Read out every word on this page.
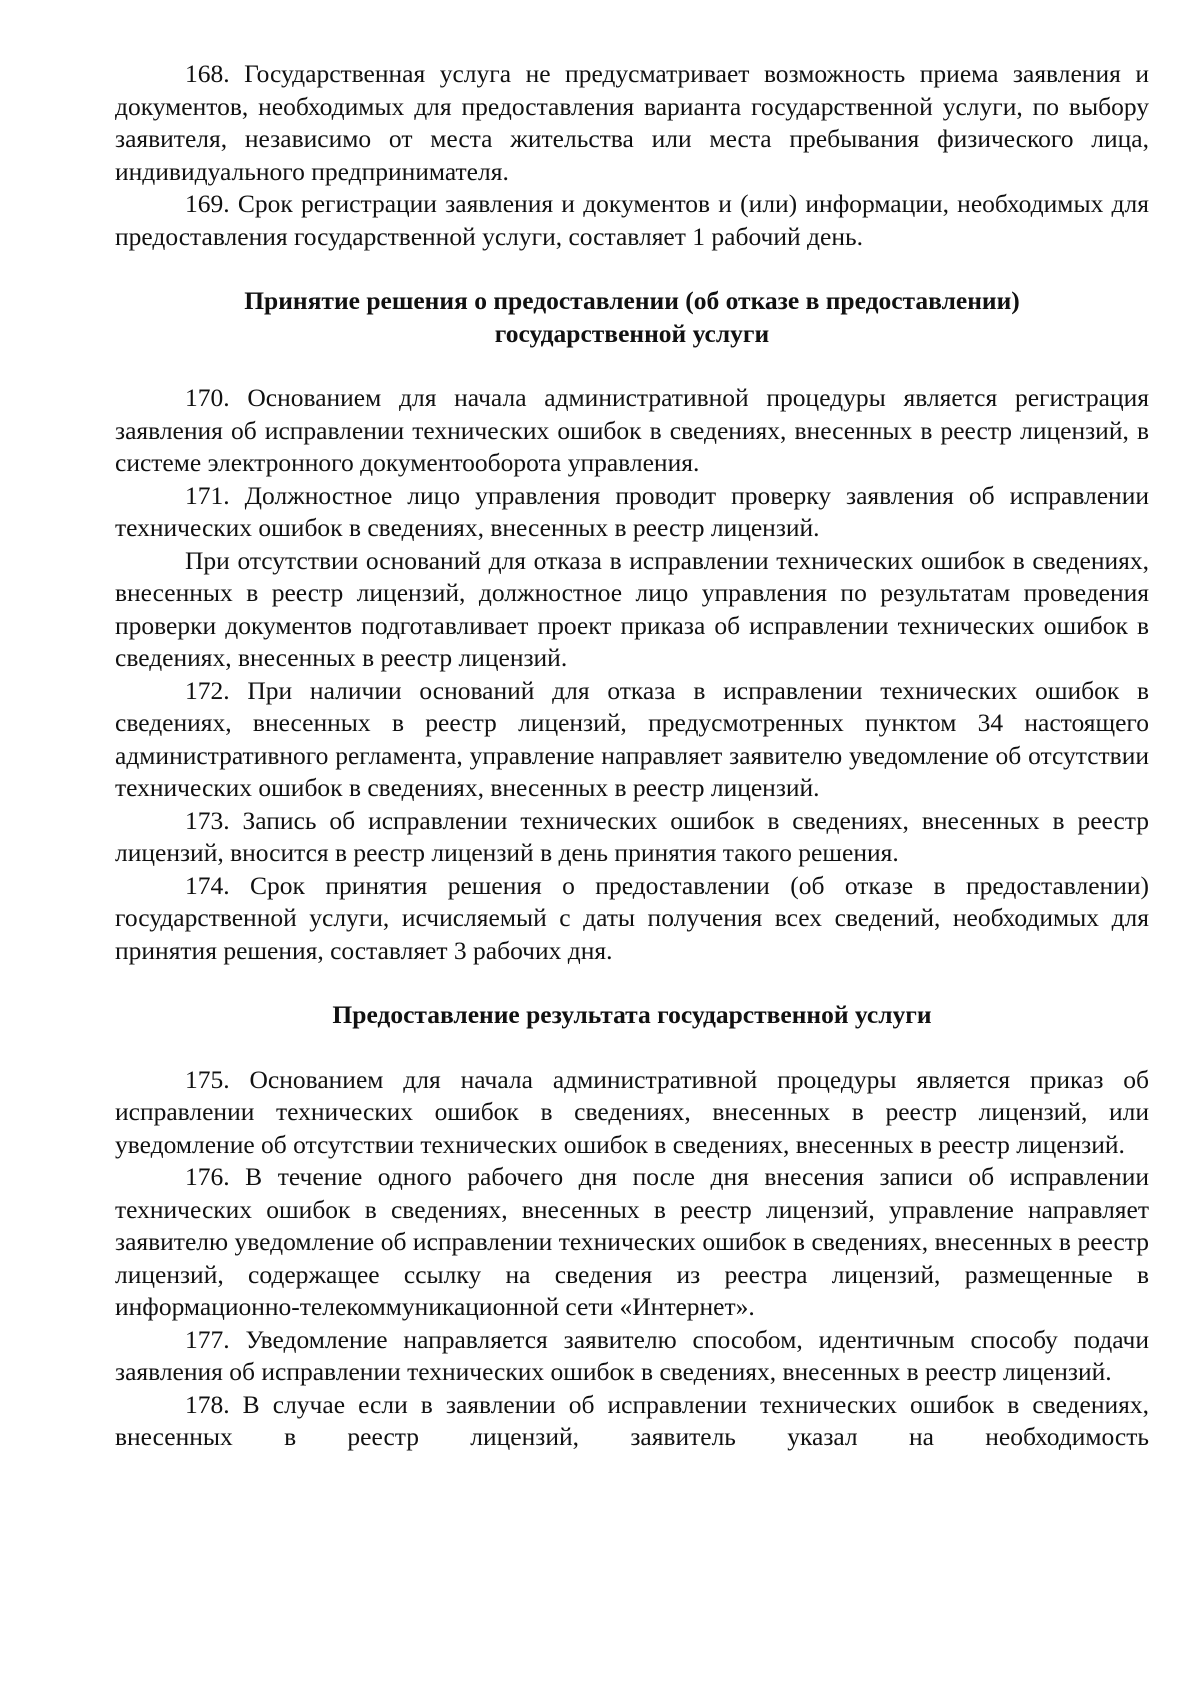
168. Государственная услуга не предусматривает возможность приема заявления и документов, необходимых для предоставления варианта государственной услуги, по выбору заявителя, независимо от места жительства или места пребывания физического лица, индивидуального предпринимателя.

169. Срок регистрации заявления и документов и (или) информации, необходимых для предоставления государственной услуги, составляет 1 рабочий день.

Принятие решения о предоставлении (об отказе в предоставлении)
государственной услуги

170. Основанием для начала административной процедуры является регистрация заявления об исправлении технических ошибок в сведениях, внесенных в реестр лицензий, в системе электронного документооборота управления.

171. Должностное лицо управления проводит проверку заявления об исправлении технических ошибок в сведениях, внесенных в реестр лицензий.

При отсутствии оснований для отказа в исправлении технических ошибок в сведениях, внесенных в реестр лицензий, должностное лицо управления по результатам проведения проверки документов подготавливает проект приказа об исправлении технических ошибок в сведениях, внесенных в реестр лицензий.

172. При наличии оснований для отказа в исправлении технических ошибок в сведениях, внесенных в реестр лицензий, предусмотренных пунктом 34 настоящего административного регламента, управление направляет заявителю уведомление об отсутствии технических ошибок в сведениях, внесенных в реестр лицензий.

173. Запись об исправлении технических ошибок в сведениях, внесенных в реестр лицензий, вносится в реестр лицензий в день принятия такого решения.

174. Срок принятия решения о предоставлении (об отказе в предоставлении) государственной услуги, исчисляемый с даты получения всех сведений, необходимых для принятия решения, составляет 3 рабочих дня.

Предоставление результата государственной услуги

175. Основанием для начала административной процедуры является приказ об исправлении технических ошибок в сведениях, внесенных в реестр лицензий, или уведомление об отсутствии технических ошибок в сведениях, внесенных в реестр лицензий.

176. В течение одного рабочего дня после дня внесения записи об исправлении технических ошибок в сведениях, внесенных в реестр лицензий, управление направляет заявителю уведомление об исправлении технических ошибок в сведениях, внесенных в реестр лицензий, содержащее ссылку на сведения из реестра лицензий, размещенные в информационно-телекоммуникационной сети «Интернет».

177. Уведомление направляется заявителю способом, идентичным способу подачи заявления об исправлении технических ошибок в сведениях, внесенных в реестр лицензий.

178. В случае если в заявлении об исправлении технических ошибок в сведениях, внесенных в реестр лицензий, заявитель указал на необходимость
